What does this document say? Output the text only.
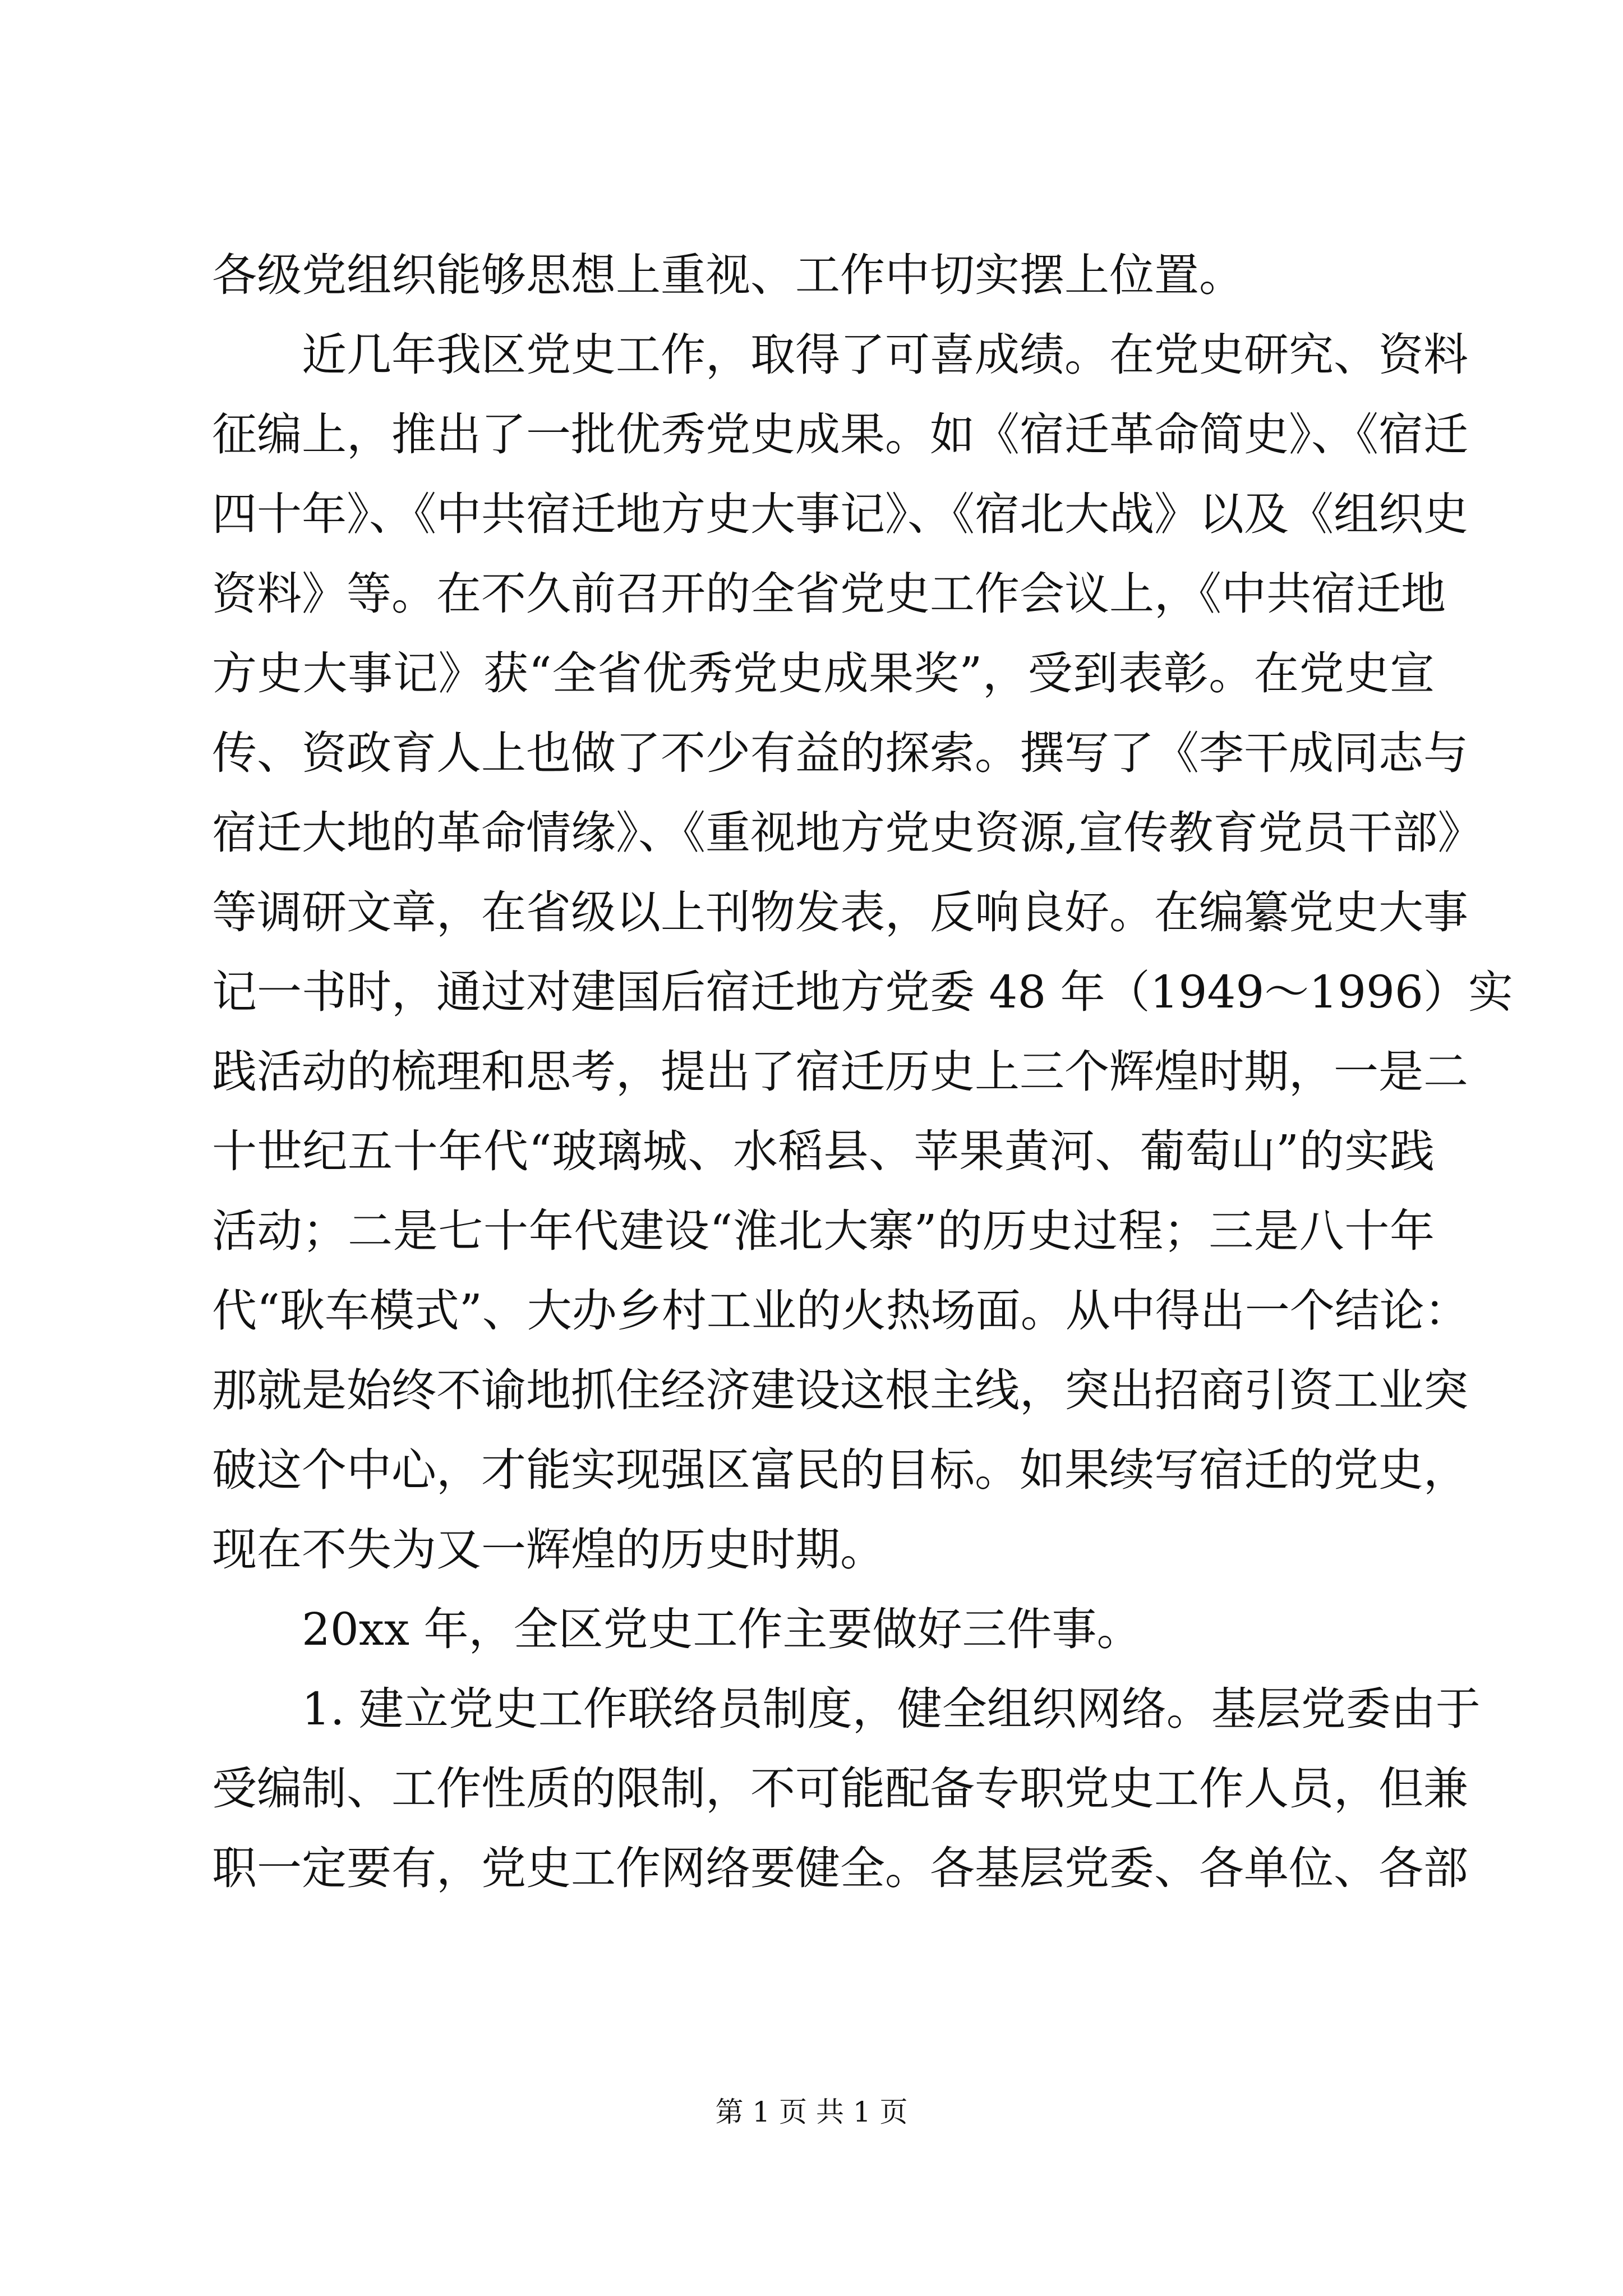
各级党组织能够思想上重视、工作中切实摆上位置。
近几年我区党史工作，取得了可喜成绩。在党史研究、资料
征编上，推出了一批优秀党史成果。如《宿迁革命简史》、《宿迁
四十年》、《中共宿迁地方史大事记》、《宿北大战》以及《组织史
资料》等。在不久前召开的全省党史工作会议上，《中共宿迁地
方史大事记》获“全省优秀党史成果奖”，受到表彰。在党史宣
传、资政育人上也做了不少有益的探索。撰写了《李干成同志与
宿迁大地的革命情缘》、《重视地方党史资源,宣传教育党员干部》
等调研文章，在省级以上刊物发表，反响良好。在编纂党史大事
记一书时，通过对建国后宿迁地方党委 48 年（1949～1996）实
践活动的梳理和思考，提出了宿迁历史上三个辉煌时期，一是二
十世纪五十年代“玻璃城、水稻县、苹果黄河、葡萄山”的实践
活动；二是七十年代建设“淮北大寨”的历史过程；三是八十年
代“耿车模式”、大办乡村工业的火热场面。从中得出一个结论：
那就是始终不谕地抓住经济建设这根主线，突出招商引资工业突
破这个中心，才能实现强区富民的目标。如果续写宿迁的党史，
现在不失为又一辉煌的历史时期。
20xx 年，全区党史工作主要做好三件事。
1. 建立党史工作联络员制度，健全组织网络。基层党委由于
受编制、工作性质的限制，不可能配备专职党史工作人员，但兼
职一定要有，党史工作网络要健全。各基层党委、各单位、各部
第 1 页 共 1 页
